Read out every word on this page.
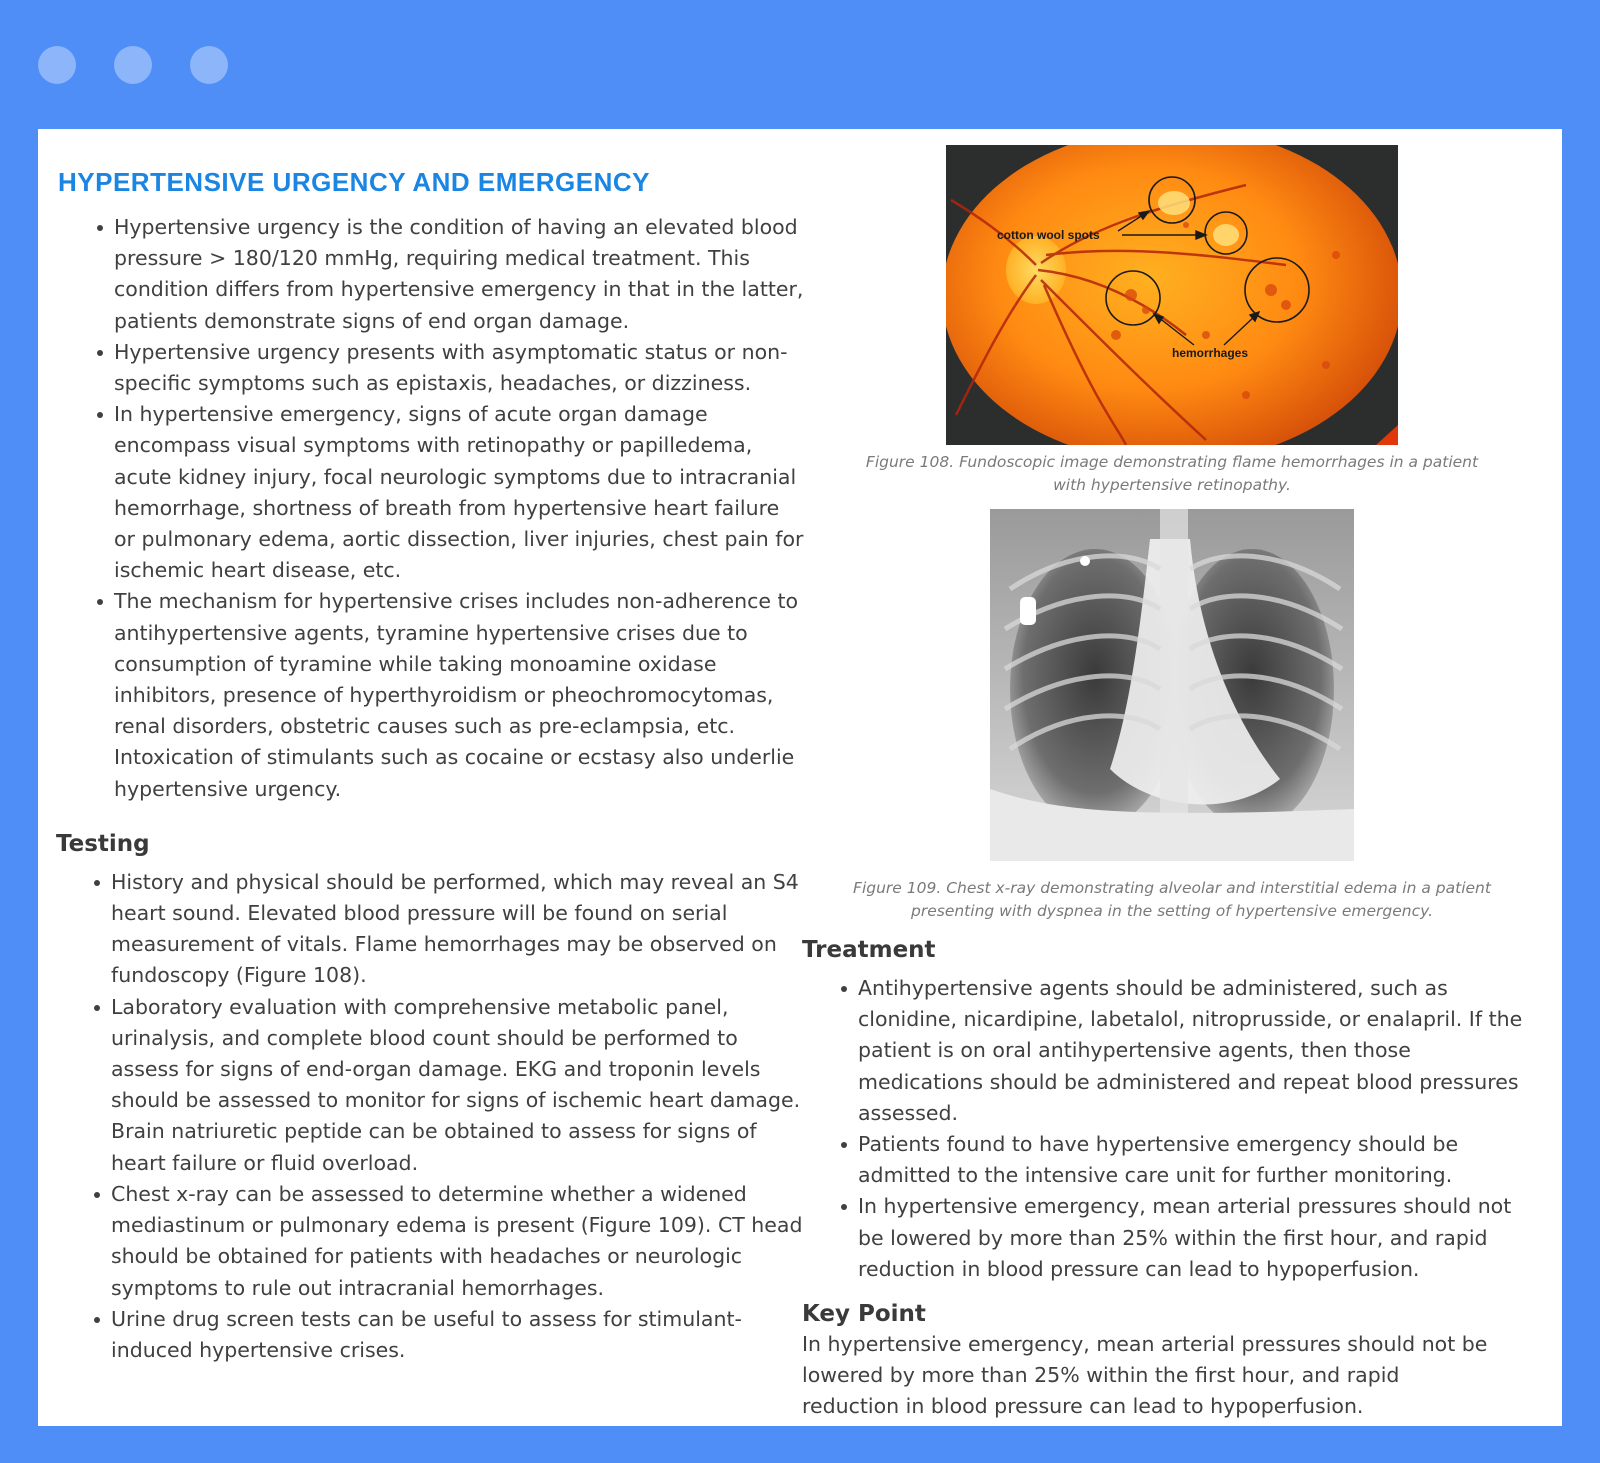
HYPERTENSIVE URGENCY AND EMERGENCY
Hypertensive urgency is the condition of having an elevated blood pressure > 180/120 mmHg, requiring medical treatment. This condition differs from hypertensive emergency in that in the latter, patients demonstrate signs of end organ damage.
Hypertensive urgency presents with asymptomatic status or non-specific symptoms such as epistaxis, headaches, or dizziness.
In hypertensive emergency, signs of acute organ damage encompass visual symptoms with retinopathy or papilledema, acute kidney injury, focal neurologic symptoms due to intracranial hemorrhage, shortness of breath from hypertensive heart failure or pulmonary edema, aortic dissection, liver injuries, chest pain for ischemic heart disease, etc.
The mechanism for hypertensive crises includes non-adherence to antihypertensive agents, tyramine hypertensive crises due to consumption of tyramine while taking monoamine oxidase inhibitors, presence of hyperthyroidism or pheochromocytomas, renal disorders, obstetric causes such as pre-eclampsia, etc. Intoxication of stimulants such as cocaine or ecstasy also underlie hypertensive urgency.
Testing
History and physical should be performed, which may reveal an S4 heart sound. Elevated blood pressure will be found on serial measurement of vitals. Flame hemorrhages may be observed on fundoscopy (Figure 108).
Laboratory evaluation with comprehensive metabolic panel, urinalysis, and complete blood count should be performed to assess for signs of end-organ damage. EKG and troponin levels should be assessed to monitor for signs of ischemic heart damage. Brain natriuretic peptide can be obtained to assess for signs of heart failure or fluid overload.
Chest x-ray can be assessed to determine whether a widened mediastinum or pulmonary edema is present (Figure 109). CT head should be obtained for patients with headaches or neurologic symptoms to rule out intracranial hemorrhages.
Urine drug screen tests can be useful to assess for stimulant-induced hypertensive crises.
cotton wool spots
hemorrhages

Figure 108. Fundoscopic image demonstrating flame hemorrhages in a patient with hypertensive retinopathy.

Figure 109. Chest x-ray demonstrating alveolar and interstitial edema in a patient presenting with dyspnea in the setting of hypertensive emergency.

Treatment
Antihypertensive agents should be administered, such as clonidine, nicardipine, labetalol, nitroprusside, or enalapril. If the patient is on oral antihypertensive agents, then those medications should be administered and repeat blood pressures assessed.
Patients found to have hypertensive emergency should be admitted to the intensive care unit for further monitoring.
In hypertensive emergency, mean arterial pressures should not be lowered by more than 25% within the first hour, and rapid reduction in blood pressure can lead to hypoperfusion.
Key Point

In hypertensive emergency, mean arterial pressures should not be lowered by more than 25% within the first hour, and rapid reduction in blood pressure can lead to hypoperfusion.
